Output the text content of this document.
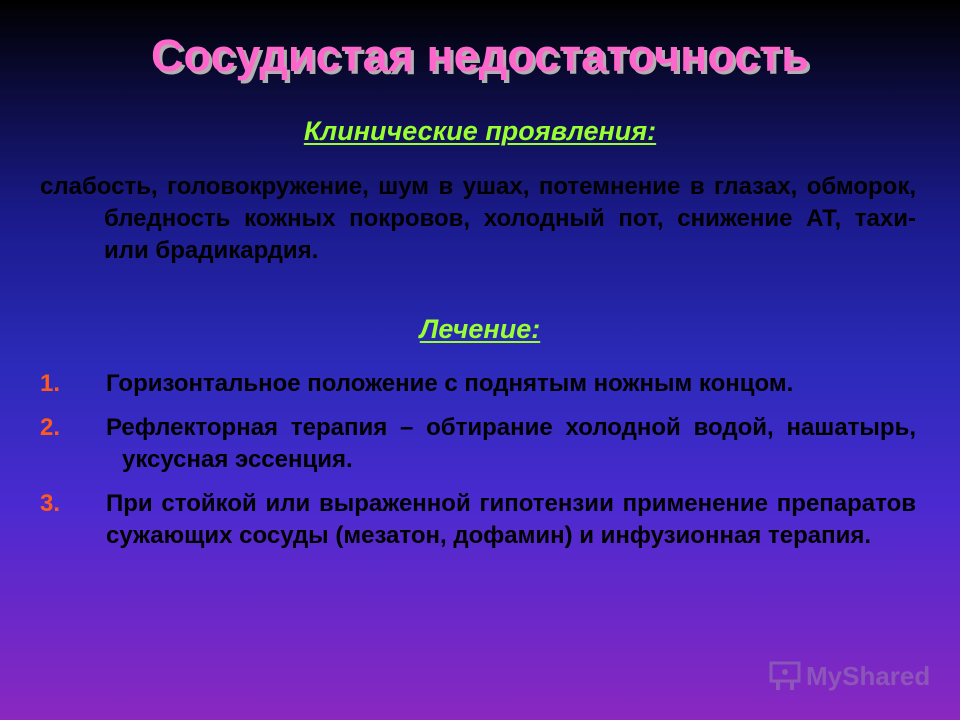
Сосудистая недостаточность
Клинические проявления:
слабость, головокружение, шум в ушах, потемнение в глазах, обморок, бледность кожных покровов, холодный пот, снижение АТ, тахи- или брадикардия.
Лечение:
1.	Горизонтальное положение с поднятым ножным концом.
2.	Рефлекторная терапия – обтирание холодной водой, нашатырь, уксусная эссенция.
3.	При стойкой или выраженной гипотензии применение препаратов сужающих сосуды (мезатон, дофамин) и инфузионная терапия.
MyShared
